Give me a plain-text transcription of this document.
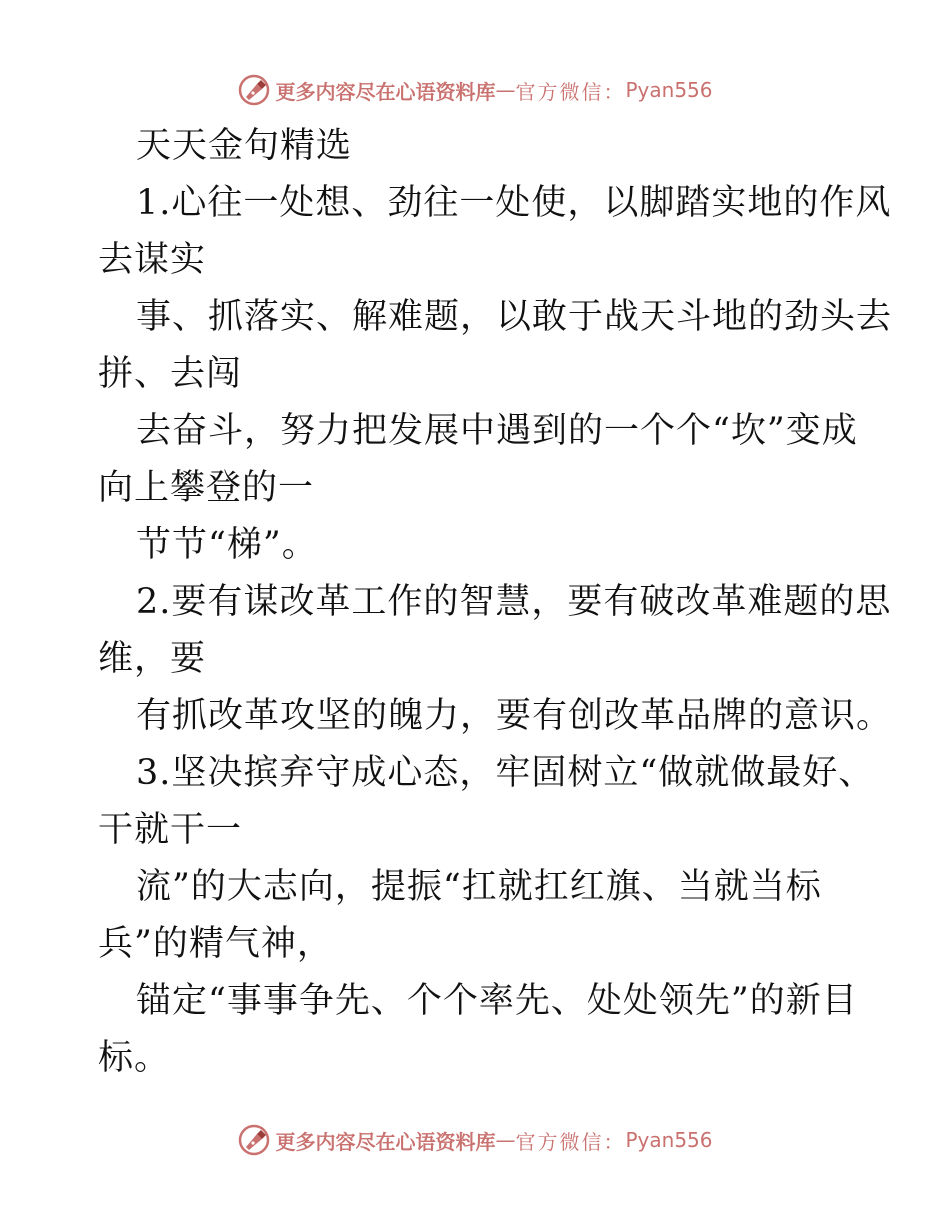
更多内容尽在心语资料库 — 官方微信： Pyan556
天天金句精选
1.心往一处想、劲往一处使，以脚踏实地的作风
去谋实
事、抓落实、解难题，以敢于战天斗地的劲头去
拼、去闯
去奋斗，努力把发展中遇到的一个个“坎”变成
向上攀登的一
节节“梯”。
2.要有谋改革工作的智慧，要有破改革难题的思
维，要
有抓改革攻坚的魄力，要有创改革品牌的意识。
3.坚决摈弃守成心态，牢固树立“做就做最好、
干就干一
流”的大志向，提振“扛就扛红旗、当就当标
兵”的精气神，
锚定“事事争先、个个率先、处处领先”的新目
标。
更多内容尽在心语资料库 — 官方微信： Pyan556
